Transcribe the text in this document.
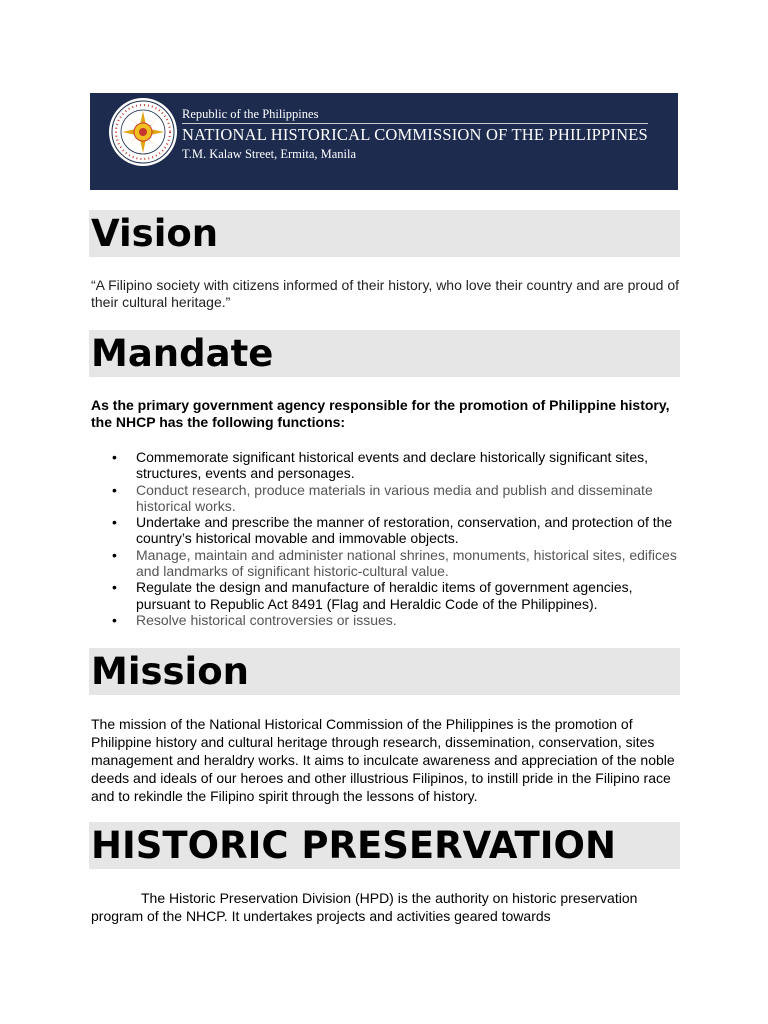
Republic of the Philippines
NATIONAL HISTORICAL COMMISSION OF THE PHILIPPINES
T.M. Kalaw Street, Ermita, Manila
Vision
“A Filipino society with citizens informed of their history, who love their country and are proud of their cultural heritage.”
Mandate
As the primary government agency responsible for the promotion of Philippine history, the NHCP has the following functions:
• Commemorate significant historical events and declare historically significant sites, structures, events and personages.
• Conduct research, produce materials in various media and publish and disseminate historical works.
• Undertake and prescribe the manner of restoration, conservation, and protection of the country’s historical movable and immovable objects.
• Manage, maintain and administer national shrines, monuments, historical sites, edifices and landmarks of significant historic-cultural value.
• Regulate the design and manufacture of heraldic items of government agencies, pursuant to Republic Act 8491 (Flag and Heraldic Code of the Philippines).
• Resolve historical controversies or issues.
Mission
The mission of the National Historical Commission of the Philippines is the promotion of Philippine history and cultural heritage through research, dissemination, conservation, sites management and heraldry works. It aims to inculcate awareness and appreciation of the noble deeds and ideals of our heroes and other illustrious Filipinos, to instill pride in the Filipino race and to rekindle the Filipino spirit through the lessons of history.
HISTORIC PRESERVATION
The Historic Preservation Division (HPD) is the authority on historic preservation program of the NHCP. It undertakes projects and activities geared towards
